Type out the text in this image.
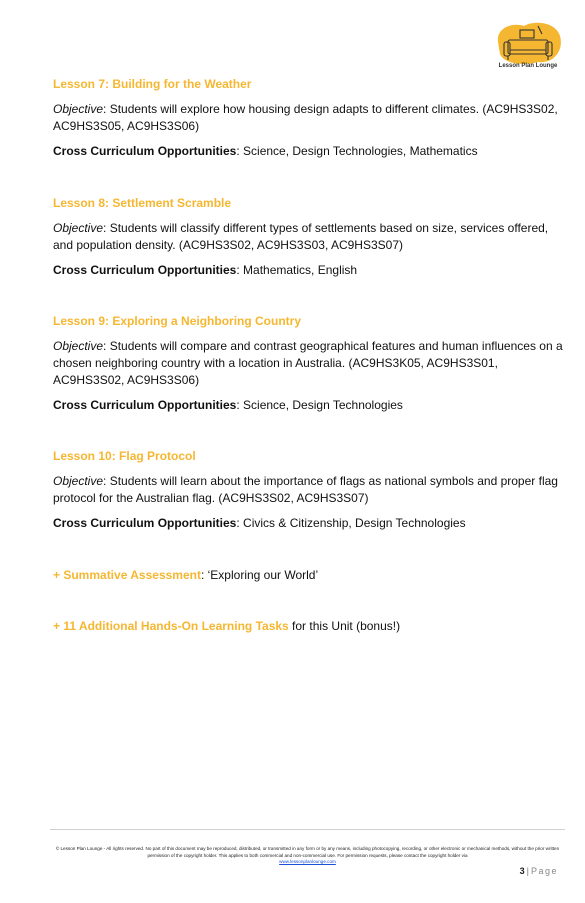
Lesson Plan Lounge

Lesson 7: Building for the Weather

Objective: Students will explore how housing design adapts to different climates. (AC9HS3S02, AC9HS3S05, AC9HS3S06)

Cross Curriculum Opportunities: Science, Design Technologies, Mathematics

Lesson 8: Settlement Scramble

Objective: Students will classify different types of settlements based on size, services offered, and population density. (AC9HS3S02, AC9HS3S03, AC9HS3S07)

Cross Curriculum Opportunities: Mathematics, English

Lesson 9: Exploring a Neighboring Country

Objective: Students will compare and contrast geographical features and human influences on a chosen neighboring country with a location in Australia. (AC9HS3K05, AC9HS3S01, AC9HS3S02, AC9HS3S06)

Cross Curriculum Opportunities: Science, Design Technologies

Lesson 10: Flag Protocol

Objective: Students will learn about the importance of flags as national symbols and proper flag protocol for the Australian flag. (AC9HS3S02, AC9HS3S07)

Cross Curriculum Opportunities: Civics & Citizenship, Design Technologies

+ Summative Assessment: ‘Exploring our World’
+ 11 Additional Hands-On Learning Tasks for this Unit (bonus!)
© Lesson Plan Lounge - All rights reserved. No part of this document may be reproduced, distributed, or transmitted in any form or by any means, including photocopying, recording, or other electronic or mechanical methods, without the prior written permission of the copyright holder. This applies to both commercial and non-commercial use. For permission requests, please contact the copyright holder via
www.lessonplanlounge.com
3 | Page
